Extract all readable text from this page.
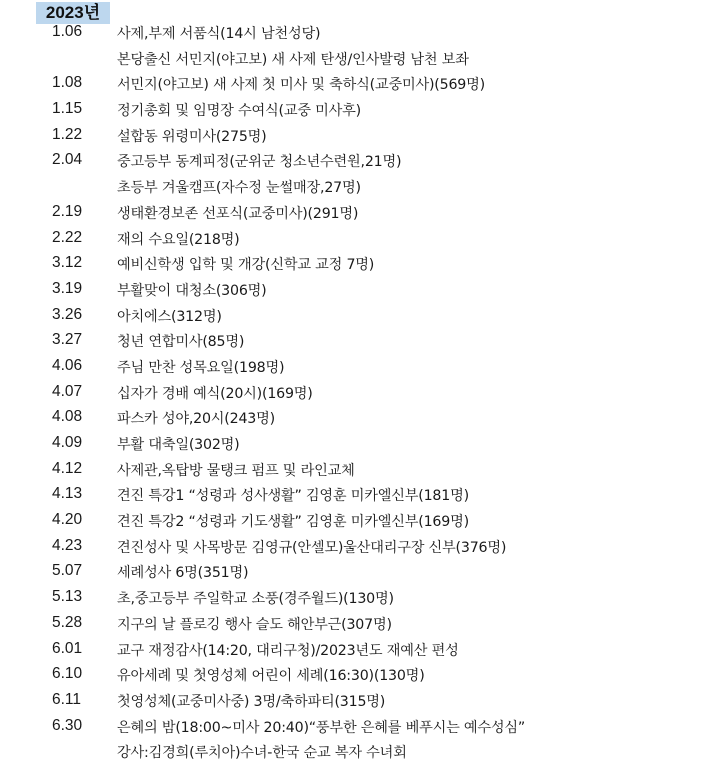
2023년
1.06	사제,부제 서품식(14시 남천성당)
본당출신 서민지(야고보) 새 사제 탄생/인사발령 남천 보좌
1.08	서민지(야고보) 새 사제 첫 미사 및 축하식(교중미사)(569명)
1.15	정기총회 및 임명장 수여식(교중 미사후)
1.22	설합동 위령미사(275명)
2.04	중고등부 동계피정(군위군 청소년수련원,21명)
초등부 겨울캠프(자수정 눈썰매장,27명)
2.19	생태환경보존 선포식(교중미사)(291명)
2.22	재의 수요일(218명)
3.12	예비신학생 입학 및 개강(신학교 교정 7명)
3.19	부활맞이 대청소(306명)
3.26	아치에스(312명)
3.27	청년 연합미사(85명)
4.06	주님 만찬 성목요일(198명)
4.07	십자가 경배 예식(20시)(169명)
4.08	파스카 성야,20시(243명)
4.09	부활 대축일(302명)
4.12	사제관,옥탑방 물탱크 펌프 및 라인교체
4.13	견진 특강1 “성령과 성사생활” 김영훈 미카엘신부(181명)
4.20	견진 특강2 “성령과 기도생활” 김영훈 미카엘신부(169명)
4.23	견진성사 및 사목방문 김영규(안셀모)울산대리구장 신부(376명)
5.07	세례성사 6명(351명)
5.13	초,중고등부 주일학교 소풍(경주월드)(130명)
5.28	지구의 날 플로깅 행사 슬도 해안부근(307명)
6.01	교구 재정감사(14:20, 대리구청)/2023년도 재예산 편성
6.10	유아세례 및 첫영성체 어린이 세례(16:30)(130명)
6.11	첫영성체(교중미사중) 3명/축하파티(315명)
6.30	은혜의 밤(18:00~미사 20:40)“풍부한 은혜를 베푸시는 예수성심”
강사:김경희(루치아)수녀-한국 순교 복자 수녀회
